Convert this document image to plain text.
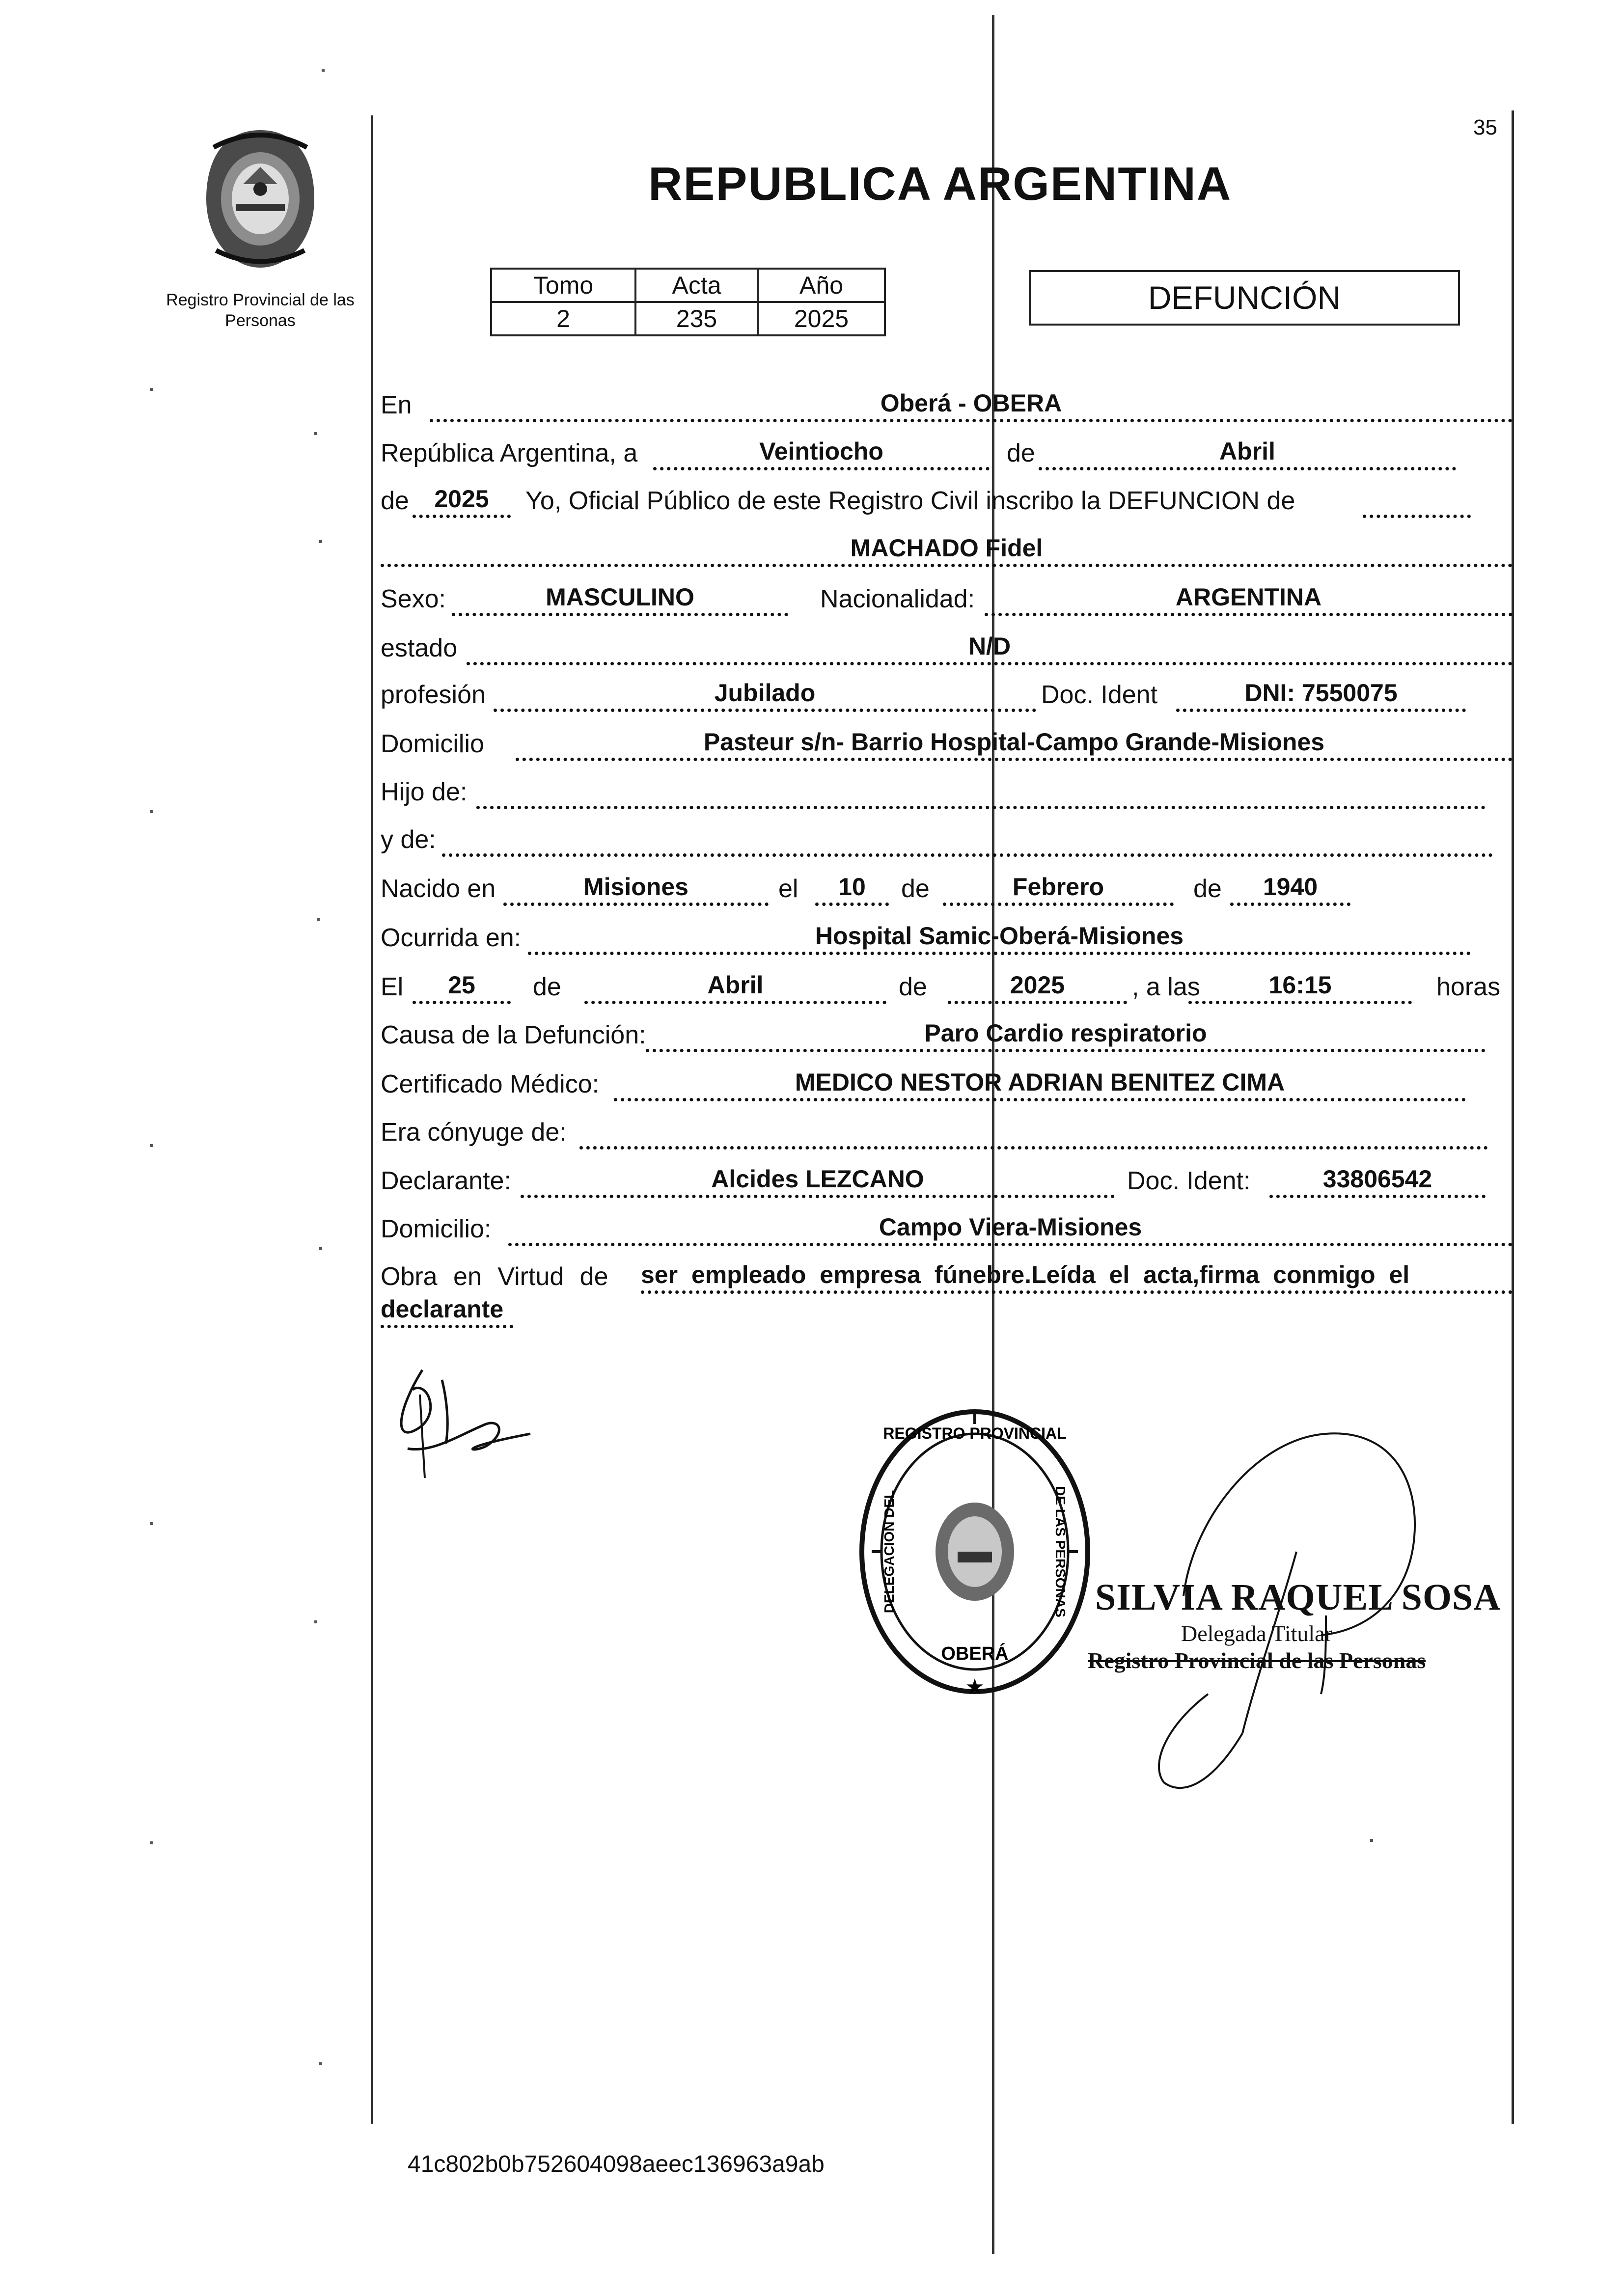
Registro Provincial de las Personas
35
REPUBLICA ARGENTINA
Tomo	Acta	Año
2	235	2025
DEFUNCIÓN
En	Oberá - OBERA
República Argentina, a	Veintiocho	de	Abril
de	2025	Yo, Oficial Público de este Registro Civil inscribo la DEFUNCION de
MACHADO Fidel
Sexo:	MASCULINO	Nacionalidad:	ARGENTINA
estado	N/D
profesión	Jubilado	Doc. Ident	DNI: 7550075
Domicilio	Pasteur s/n- Barrio Hospital-Campo Grande-Misiones
Hijo de:
y de:
Nacido en	Misiones	el	10	de	Febrero	de	1940
Ocurrida en:	Hospital Samic-Oberá-Misiones
El	25	de	Abril	de	2025	, a las	16:15	horas
Causa de la Defunción:	Paro Cardio respiratorio
Certificado Médico:	MEDICO NESTOR ADRIAN BENITEZ CIMA
Era cónyuge de:
Declarante:	Alcides LEZCANO	Doc. Ident:	33806542
Domicilio:	Campo Viera-Misiones
Obra en Virtud de ser empleado empresa fúnebre.Leída el acta,firma conmigo el
declarante
REGISTRO PROVINCIAL
DELEGACION DEL	DE LAS PERSONAS
OBERÁ
★
SILVIA RAQUEL SOSA
Delegada Titular
Registro Provincial de las Personas
41c802b0b752604098aeec136963a9ab
